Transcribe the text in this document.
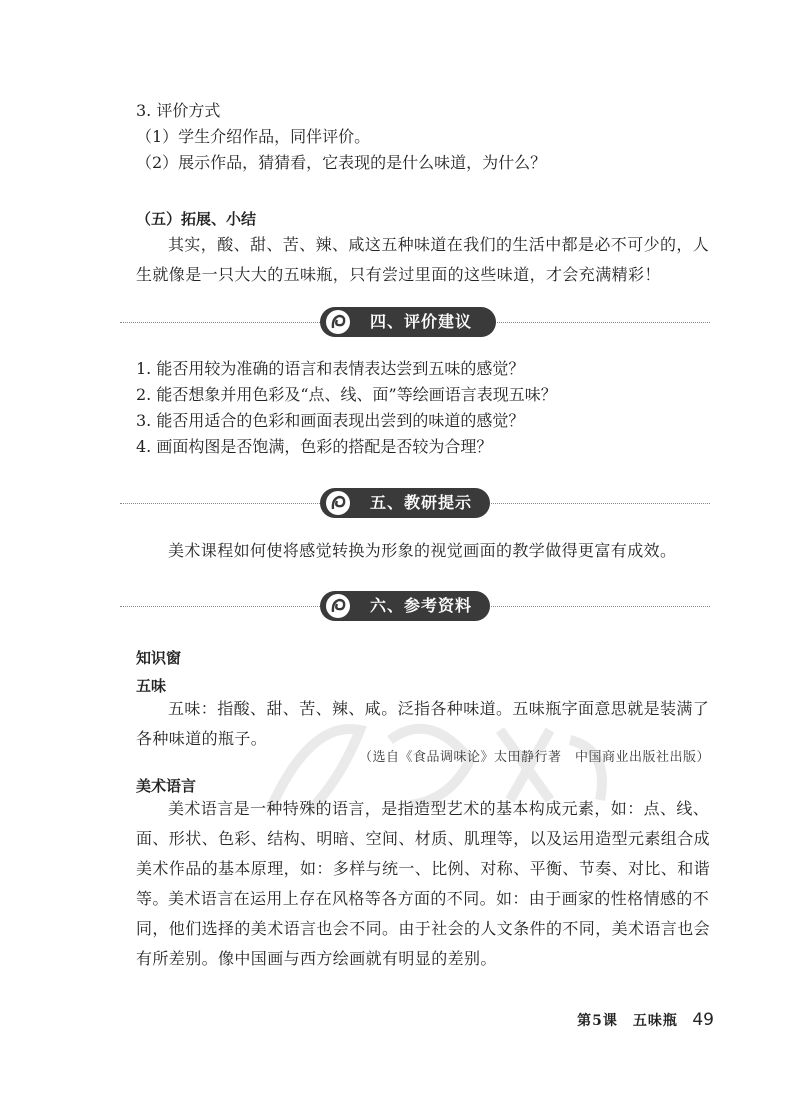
3. 评价方式
（1）学生介绍作品，同伴评价。
（2）展示作品，猜猜看，它表现的是什么味道，为什么？
（五）拓展、小结
其实，酸、甜、苦、辣、咸这五种味道在我们的生活中都是必不可少的，人生就像是一只大大的五味瓶，只有尝过里面的这些味道，才会充满精彩！
四、评价建议
1. 能否用较为准确的语言和表情表达尝到五味的感觉？
2. 能否想象并用色彩及“点、线、面”等绘画语言表现五味？
3. 能否用适合的色彩和画面表现出尝到的味道的感觉？
4. 画面构图是否饱满，色彩的搭配是否较为合理？
五、教研提示
美术课程如何使将感觉转换为形象的视觉画面的教学做得更富有成效。
六、参考资料
知识窗
五味
五味：指酸、甜、苦、辣、咸。泛指各种味道。五味瓶字面意思就是装满了各种味道的瓶子。
（选自《食品调味论》太田静行著　中国商业出版社出版）
美术语言
美术语言是一种特殊的语言，是指造型艺术的基本构成元素，如：点、线、面、形状、色彩、结构、明暗、空间、材质、肌理等，以及运用造型元素组合成美术作品的基本原理，如：多样与统一、比例、对称、平衡、节奏、对比、和谐等。 美术语言在运用上存在风格等各方面的不同。如：由于画家的性格情感的不同，他们选择的美术语言也会不同。由于社会的人文条件的不同，美术语言也会有所差别。像中国画与西方绘画就有明显的差别。
第5课　五味瓶 49
